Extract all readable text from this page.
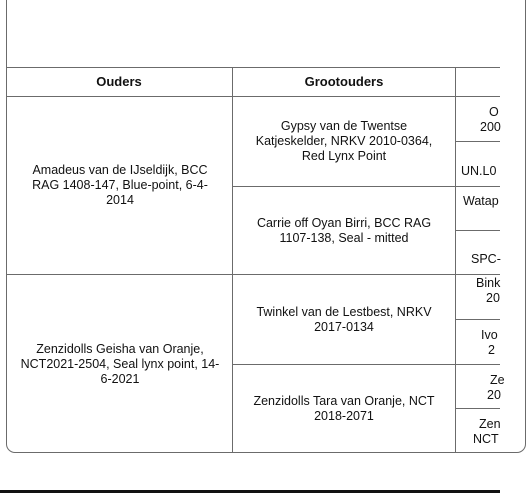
Ouders	Grootouders
Amadeus van de IJseldijk, BCC RAG 1408-147, Blue-point, 6-4-2014
Zenzidolls Geisha van Oranje, NCT2021-2504, Seal lynx point, 14-6-2021
Gypsy van de Twentse Katjeskelder, NRKV 2010-0364, Red Lynx Point
Carrie off Oyan Birri, BCC RAG 1107-138, Seal - mitted
Twinkel van de Lestbest, NRKV 2017-0134
Zenzidolls Tara van Oranje, NCT 2018-2071
O
200
UN.L0
Watap
SPC-
Bink
20
Ivo
2
Ze
20
Zen
NCT
